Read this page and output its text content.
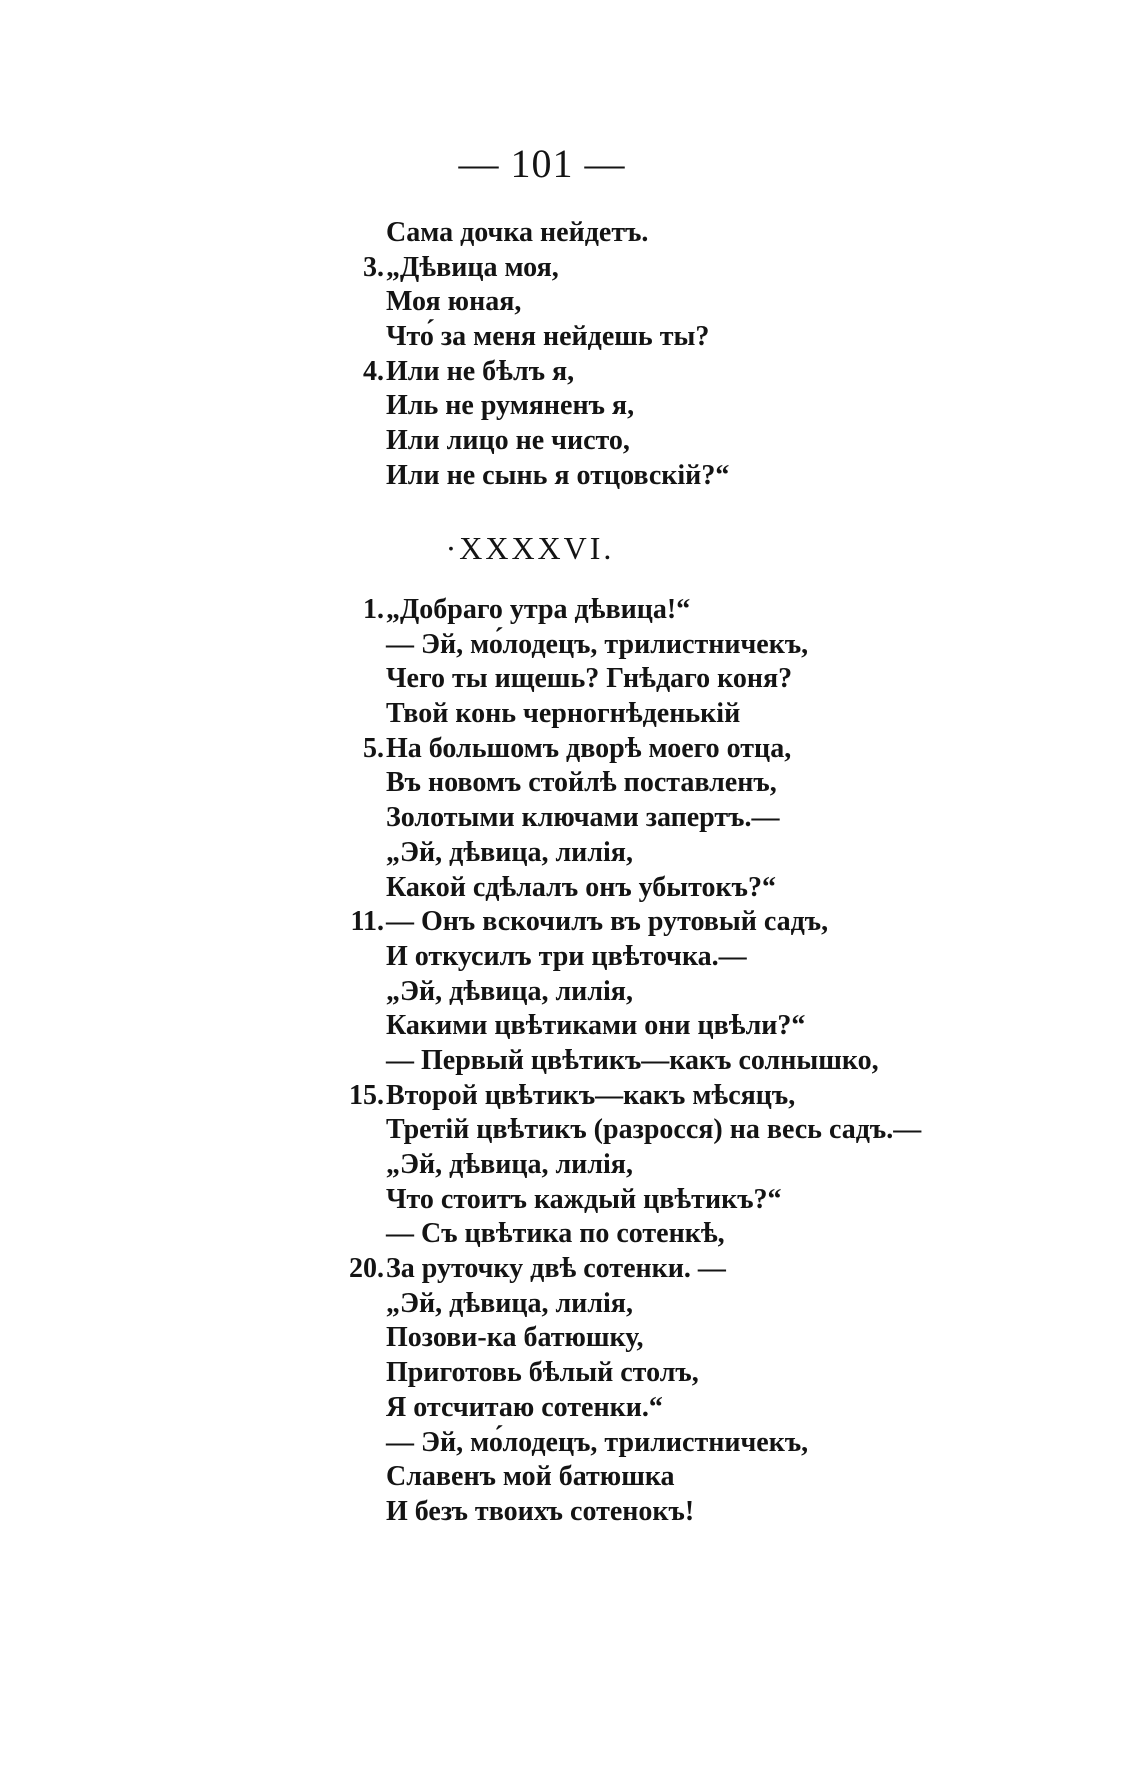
— 101 —
Сама дочка нейдетъ.
3. „Дѣвица моя,
Моя юная,
Что́ за меня нейдешь ты?
4. Или не бѣлъ я,
Иль не румяненъ я,
Или лицо не чисто,
Или не сынь я отцовскій?“
·XXXXVI.
1. „Добраго утра дѣвица!“
— Эй, мо́лодецъ, трилистничекъ,
Чего ты ищешь? Гнѣдаго коня?
Твой конь черногнѣденькій
5. На большомъ дворѣ моего отца,
Въ новомъ стойлѣ поставленъ,
Золотыми ключами запертъ.—
„Эй, дѣвица, лилія,
Какой сдѣлалъ онъ убытокъ?“
11. — Онъ вскочилъ въ рутовый садъ,
И откусилъ три цвѣточка.—
„Эй, дѣвица, лилія,
Какими цвѣтиками они цвѣли?“
— Первый цвѣтикъ—какъ солнышко,
15. Второй цвѣтикъ—какъ мѣсяцъ,
Третій цвѣтикъ (разросся) на весь садъ.—
„Эй, дѣвица, лилія,
Что стоитъ каждый цвѣтикъ?“
— Съ цвѣтика по сотенкѣ,
20. За руточку двѣ сотенки. —
„Эй, дѣвица, лилія,
Позови-ка батюшку,
Приготовь бѣлый столъ,
Я отсчитаю сотенки.“
— Эй, мо́лодецъ, трилистничекъ,
Славенъ мой батюшка
И безъ твоихъ сотенокъ!
